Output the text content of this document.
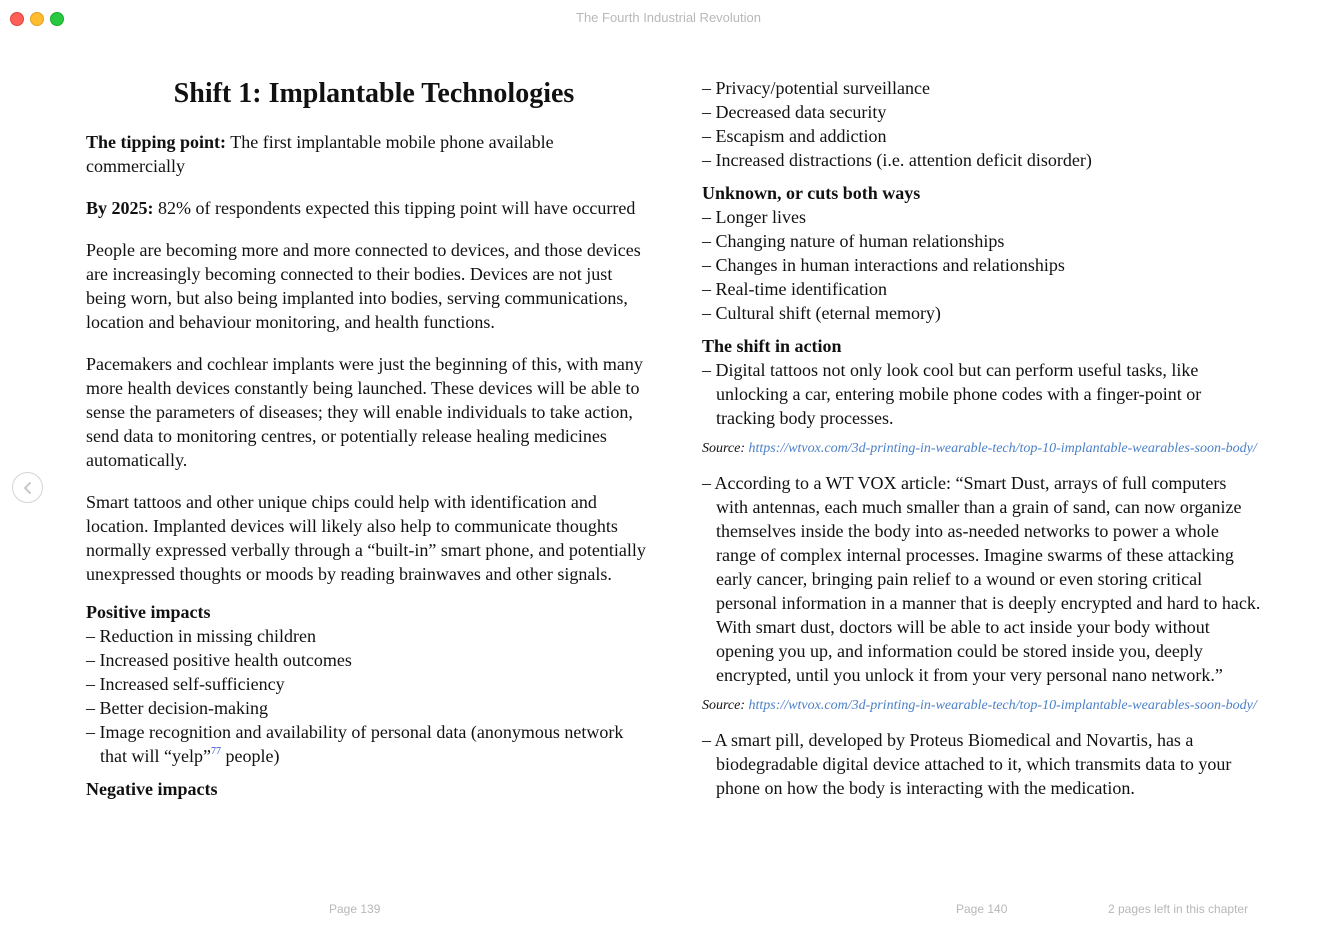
The Fourth Industrial Revolution
Shift 1: Implantable Technologies

The tipping point: The first implantable mobile phone available commercially

By 2025: 82% of respondents expected this tipping point will have occurred

People are becoming more and more connected to devices, and those devices are increasingly becoming connected to their bodies. Devices are not just being worn, but also being implanted into bodies, serving communications, location and behaviour monitoring, and health functions.

Pacemakers and cochlear implants were just the beginning of this, with many more health devices constantly being launched. These devices will be able to sense the parameters of diseases; they will enable individuals to take action, send data to monitoring centres, or potentially release healing medicines automatically.

Smart tattoos and other unique chips could help with identification and location. Implanted devices will likely also help to communicate thoughts normally expressed verbally through a “built-in” smart phone, and potentially unexpressed thoughts or moods by reading brainwaves and other signals.

Positive impacts
– Reduction in missing children
– Increased positive health outcomes
– Increased self-sufficiency
– Better decision-making
– Image recognition and availability of personal data (anonymous network that will “yelp”$^{77}$ people)
Negative impacts
– Privacy/potential surveillance
– Decreased data security
– Escapism and addiction
– Increased distractions (i.e. attention deficit disorder)
Unknown, or cuts both ways
– Longer lives
– Changing nature of human relationships
– Changes in human interactions and relationships
– Real-time identification
– Cultural shift (eternal memory)
The shift in action
– Digital tattoos not only look cool but can perform useful tasks, like unlocking a car, entering mobile phone codes with a finger-point or tracking body processes.
Source: https://wtvox.com/3d-printing-in-wearable-tech/top-10-implantable-wearables-soon-body/
– According to a WT VOX article: “Smart Dust, arrays of full computers with antennas, each much smaller than a grain of sand, can now organize themselves inside the body into as-needed networks to power a whole range of complex internal processes. Imagine swarms of these attacking early cancer, bringing pain relief to a wound or even storing critical personal information in a manner that is deeply encrypted and hard to hack. With smart dust, doctors will be able to act inside your body without opening you up, and information could be stored inside you, deeply encrypted, until you unlock it from your very personal nano network.”
Source: https://wtvox.com/3d-printing-in-wearable-tech/top-10-implantable-wearables-soon-body/
– A smart pill, developed by Proteus Biomedical and Novartis, has a biodegradable digital device attached to it, which transmits data to your phone on how the body is interacting with the medication.
Page 139	Page 140	2 pages left in this chapter
